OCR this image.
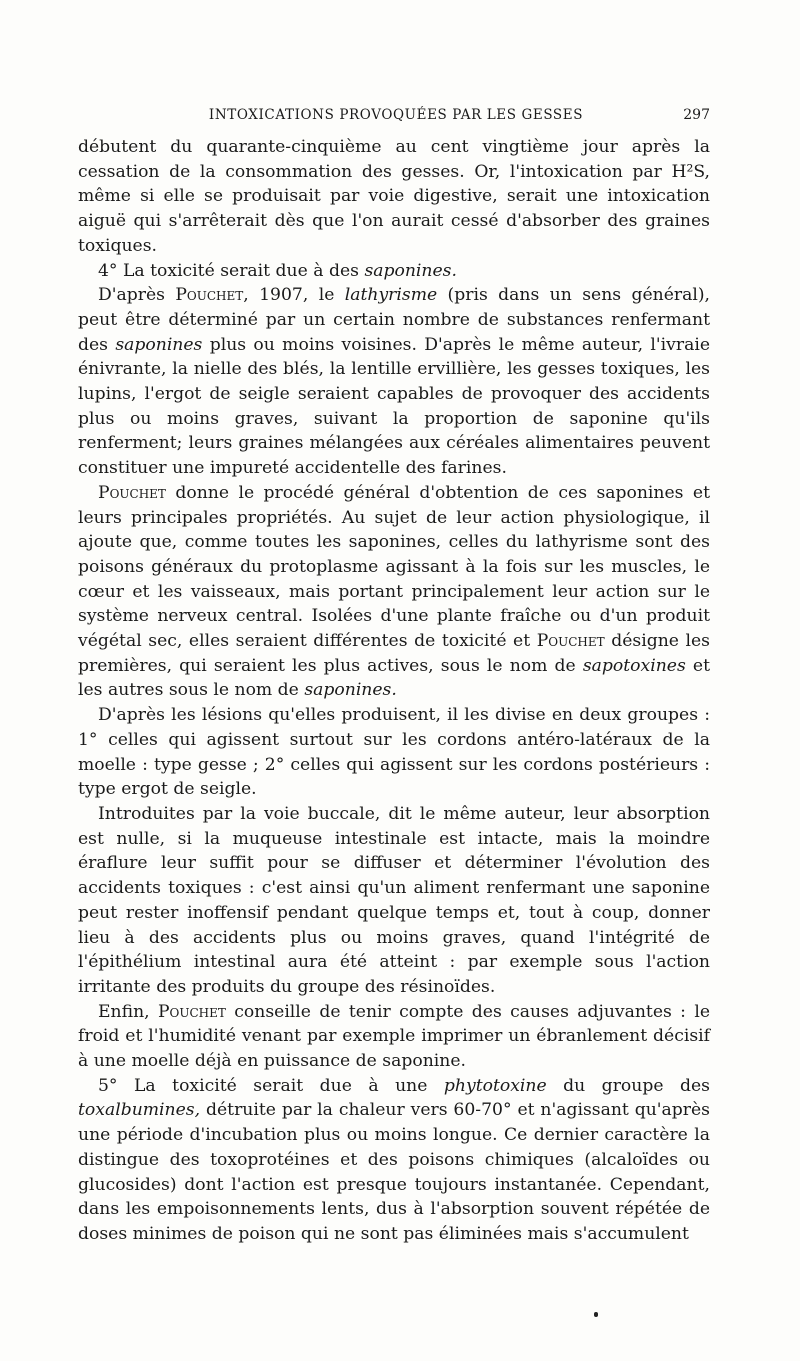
INTOXICATIONS PROVOQUÉES PAR LES GESSES	297

débutent du quarante-cinquième au cent vingtième jour après la cessation de la consommation des gesses. Or, l'intoxication par H²S, même si elle se produisait par voie digestive, serait une intoxication aiguë qui s'arrêterait dès que l'on aurait cessé d'absorber des graines toxiques.

4° La toxicité serait due à des saponines.

D'après Pouchet, 1907, le lathyrisme (pris dans un sens général), peut être déterminé par un certain nombre de substances renfermant des saponines plus ou moins voisines. D'après le même auteur, l'ivraie énivrante, la nielle des blés, la lentille ervillière, les gesses toxiques, les lupins, l'ergot de seigle seraient capables de provoquer des accidents plus ou moins graves, suivant la proportion de saponine qu'ils renferment; leurs graines mélangées aux céréales alimentaires peuvent constituer une impureté accidentelle des farines.

Pouchet donne le procédé général d'obtention de ces saponines et leurs principales propriétés. Au sujet de leur action physiologique, il ajoute que, comme toutes les saponines, celles du lathyrisme sont des poisons généraux du protoplasme agissant à la fois sur les muscles, le cœur et les vaisseaux, mais portant principalement leur action sur le système nerveux central. Isolées d'une plante fraîche ou d'un produit végétal sec, elles seraient différentes de toxicité et Pouchet désigne les premières, qui seraient les plus actives, sous le nom de sapotoxines et les autres sous le nom de saponines.

D'après les lésions qu'elles produisent, il les divise en deux groupes : 1° celles qui agissent surtout sur les cordons antéro-latéraux de la moelle : type gesse ; 2° celles qui agissent sur les cordons postérieurs : type ergot de seigle.

Introduites par la voie buccale, dit le même auteur, leur absorption est nulle, si la muqueuse intestinale est intacte, mais la moindre éraflure leur suffit pour se diffuser et déterminer l'évolution des accidents toxiques : c'est ainsi qu'un aliment renfermant une saponine peut rester inoffensif pendant quelque temps et, tout à coup, donner lieu à des accidents plus ou moins graves, quand l'intégrité de l'épithélium intestinal aura été atteint : par exemple sous l'action irritante des produits du groupe des résinoïdes.

Enfin, Pouchet conseille de tenir compte des causes adjuvantes : le froid et l'humidité venant par exemple imprimer un ébranlement décisif à une moelle déjà en puissance de saponine.

5° La toxicité serait due à une phytotoxine du groupe des toxalbumines, détruite par la chaleur vers 60-70° et n'agissant qu'après une période d'incubation plus ou moins longue. Ce dernier caractère la distingue des toxoprotéines et des poisons chimiques (alcaloïdes ou glucosides) dont l'action est presque toujours instantanée. Cependant, dans les empoisonnements lents, dus à l'absorption souvent répétée de doses minimes de poison qui ne sont pas éliminées mais s'accumulent
